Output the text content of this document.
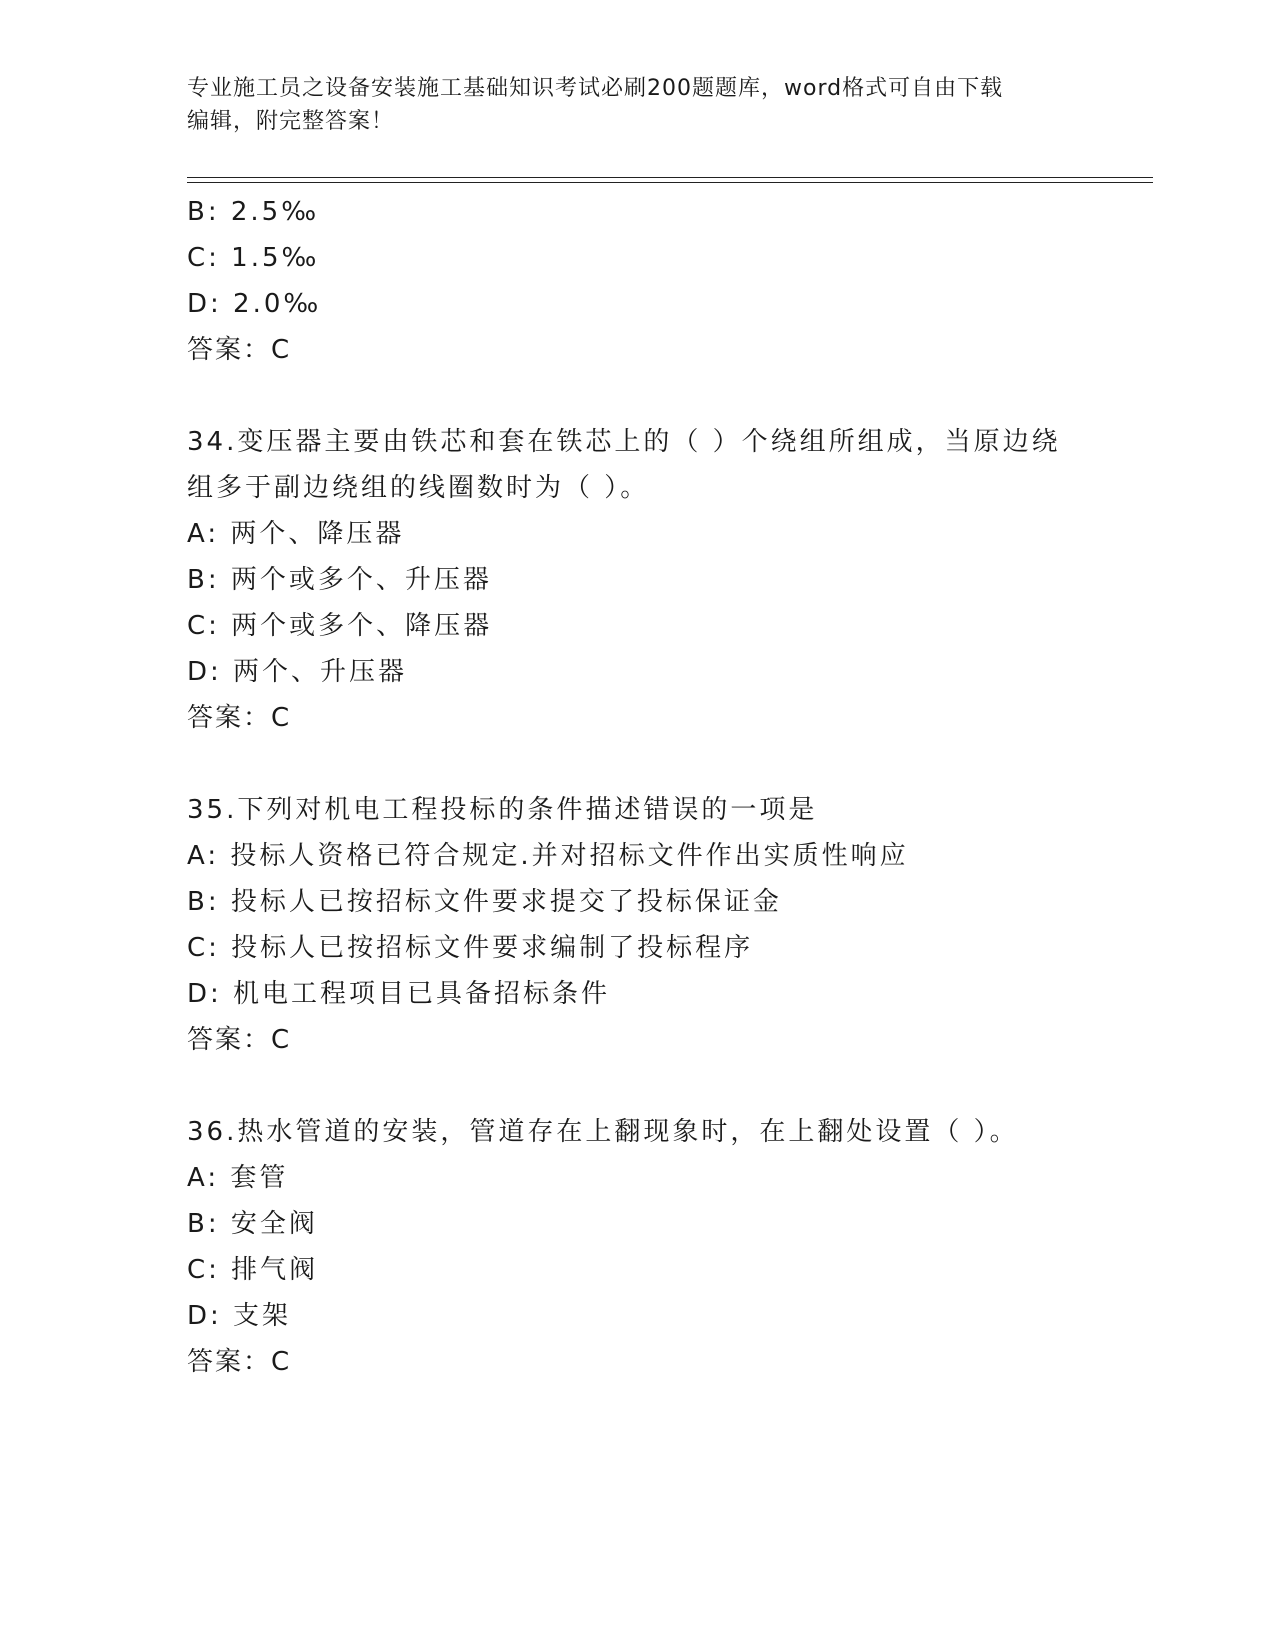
专业施工员之设备安装施工基础知识考试必刷200题题库，word格式可自由下载
编辑，附完整答案！
B: 2.5‰
C: 1.5‰
D: 2.0‰
答案：C
34.变压器主要由铁芯和套在铁芯上的（ ）个绕组所组成，当原边绕
组多于副边绕组的线圈数时为（ ）。
A: 两个、降压器
B: 两个或多个、升压器
C: 两个或多个、降压器
D: 两个、升压器
答案：C
35.下列对机电工程投标的条件描述错误的一项是
A: 投标人资格已符合规定.并对招标文件作出实质性响应
B: 投标人已按招标文件要求提交了投标保证金
C: 投标人已按招标文件要求编制了投标程序
D: 机电工程项目已具备招标条件
答案：C
36.热水管道的安装，管道存在上翻现象时，在上翻处设置（ ）。
A: 套管
B: 安全阀
C: 排气阀
D: 支架
答案：C
